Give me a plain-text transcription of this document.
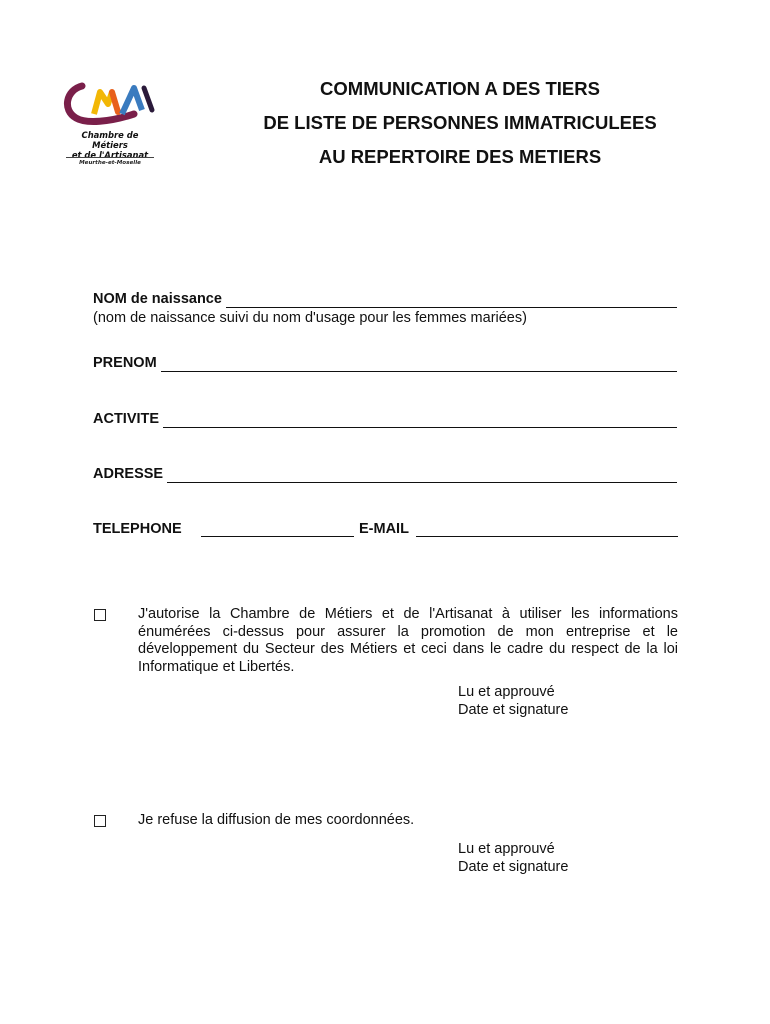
Chambre de Métiers
et de l'Artisanat
Meurthe-et-Moselle
COMMUNICATION A DES TIERS
DE LISTE DE PERSONNES IMMATRICULEES
AU REPERTOIRE DES METIERS
NOM de naissance
(nom de naissance suivi du nom d'usage pour les femmes mariées)
PRENOM
ACTIVITE
ADRESSE
TELEPHONE	E-MAIL
J'autorise la Chambre de Métiers et de l'Artisanat à utiliser les informations énumérées ci-dessus pour assurer la promotion de mon entreprise et le développement du Secteur des Métiers et ceci dans le cadre du respect de la loi Informatique et Libertés.
Lu et approuvé
Date et signature
Je refuse la diffusion de mes coordonnées.
Lu et approuvé
Date et signature
